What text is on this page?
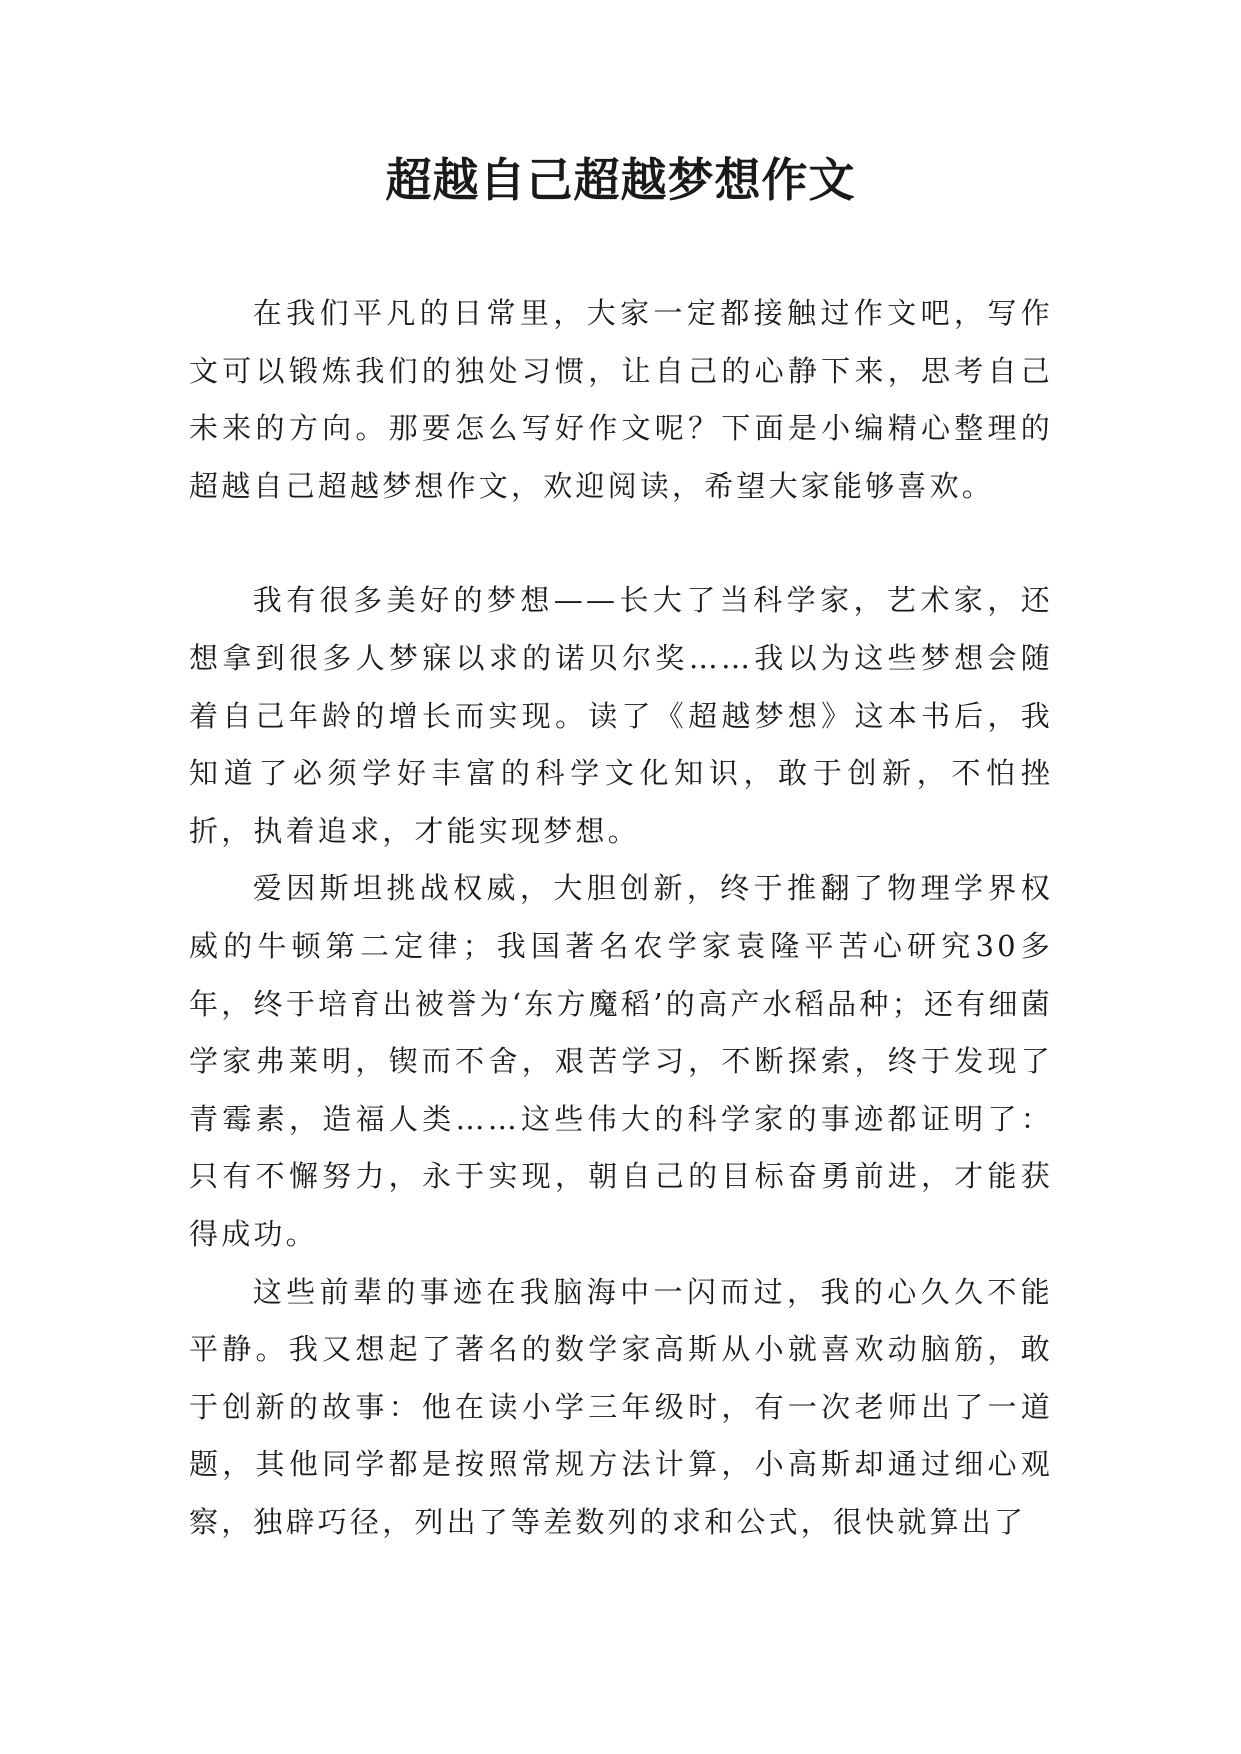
超越自己超越梦想作文

在我们平凡的日常里，大家一定都接触过作文吧，写作文可以锻炼我们的独处习惯，让自己的心静下来，思考自己未来的方向。那要怎么写好作文呢？下面是小编精心整理的超越自己超越梦想作文，欢迎阅读，希望大家能够喜欢。

我有很多美好的梦想——长大了当科学家，艺术家，还想拿到很多人梦寐以求的诺贝尔奖……我以为这些梦想会随着自己年龄的增长而实现。读了《超越梦想》这本书后，我知道了必须学好丰富的科学文化知识，敢于创新，不怕挫折，执着追求，才能实现梦想。

爱因斯坦挑战权威，大胆创新，终于推翻了物理学界权威的牛顿第二定律；我国著名农学家袁隆平苦心研究30多年，终于培育出被誉为‘东方魔稻’的高产水稻品种；还有细菌学家弗莱明，锲而不舍，艰苦学习，不断探索，终于发现了青霉素，造福人类……这些伟大的科学家的事迹都证明了：只有不懈努力，永于实现，朝自己的目标奋勇前进，才能获得成功。

这些前辈的事迹在我脑海中一闪而过，我的心久久不能平静。我又想起了著名的数学家高斯从小就喜欢动脑筋，敢于创新的故事：他在读小学三年级时，有一次老师出了一道题，其他同学都是按照常规方法计算，小高斯却通过细心观察，独辟巧径，列出了等差数列的求和公式，很快就算出了
